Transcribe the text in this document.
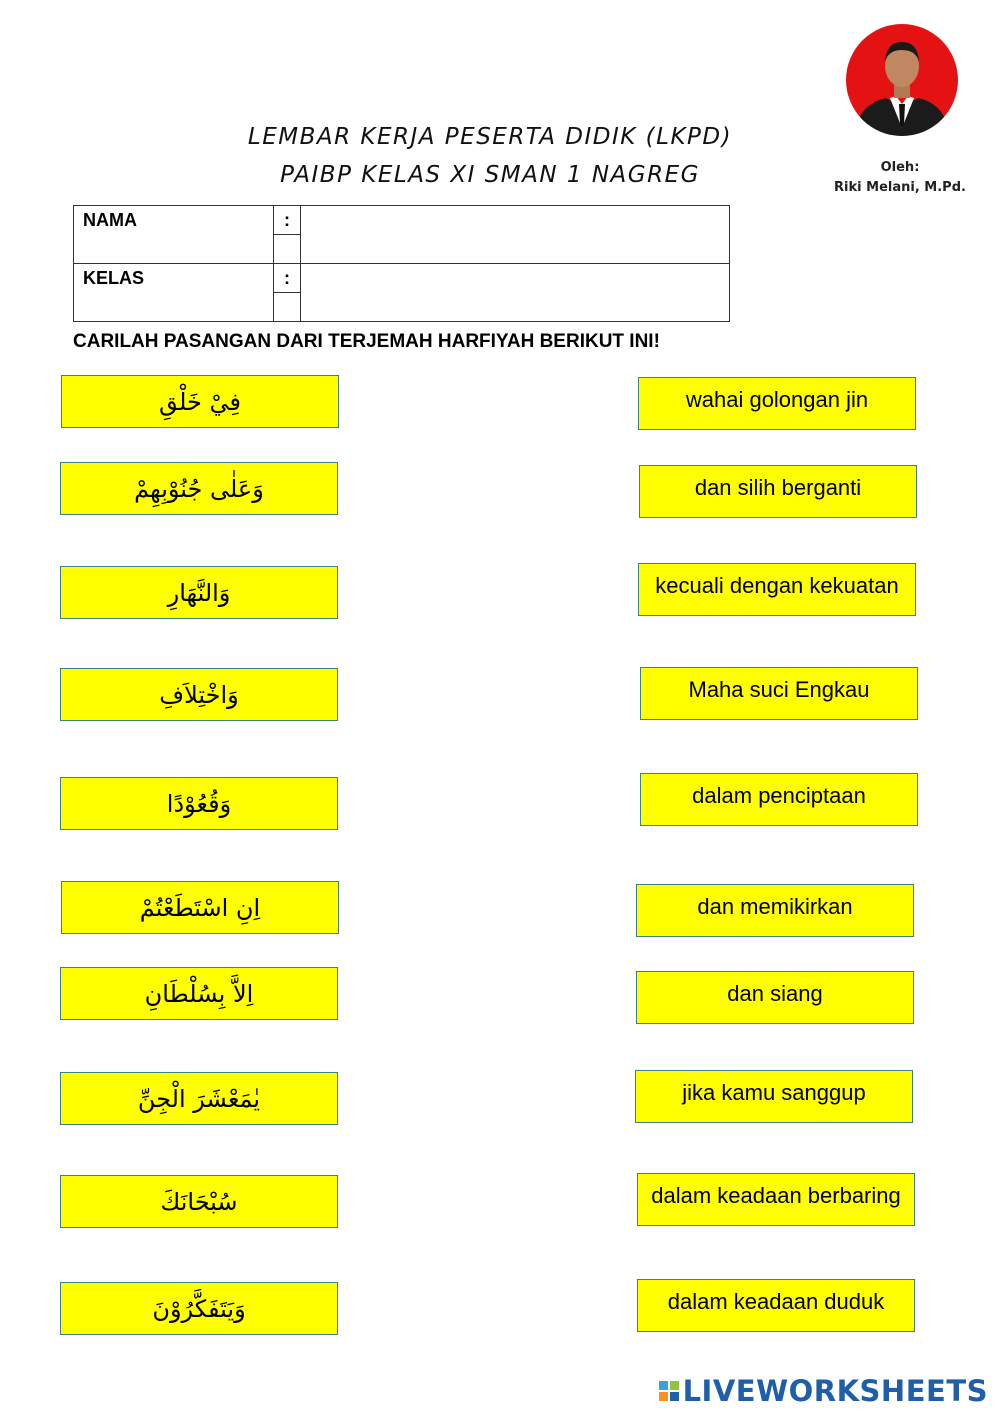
LEMBAR KERJA PESERTA DIDIK (LKPD)
PAIBP KELAS XI SMAN 1 NAGREG	Oleh:
Riki Melani, M.Pd.
NAMA	:	

KELAS	:	

CARILAH PASANGAN DARI TERJEMAH HARFIYAH BERIKUT INI!
فِيْ خَلْقِ
وَعَلٰى جُنُوْبِهِمْ
وَالنَّهَارِ
وَاخْتِلاَفِ
وَقُعُوْدًا
اِنِ اسْتَطَعْتُمْ
اِلاَّ بِسُلْطَانِ
يٰمَعْشَرَ الْجِنِّ
سُبْحَانَكَ
وَيَتَفَكَّرُوْنَ
wahai golongan jin
dan silih berganti
kecuali dengan kekuatan
Maha suci Engkau
dalam penciptaan
dan memikirkan
dan siang
jika kamu sanggup
dalam keadaan berbaring
dalam keadaan duduk
LIVEWORKSHEETS
